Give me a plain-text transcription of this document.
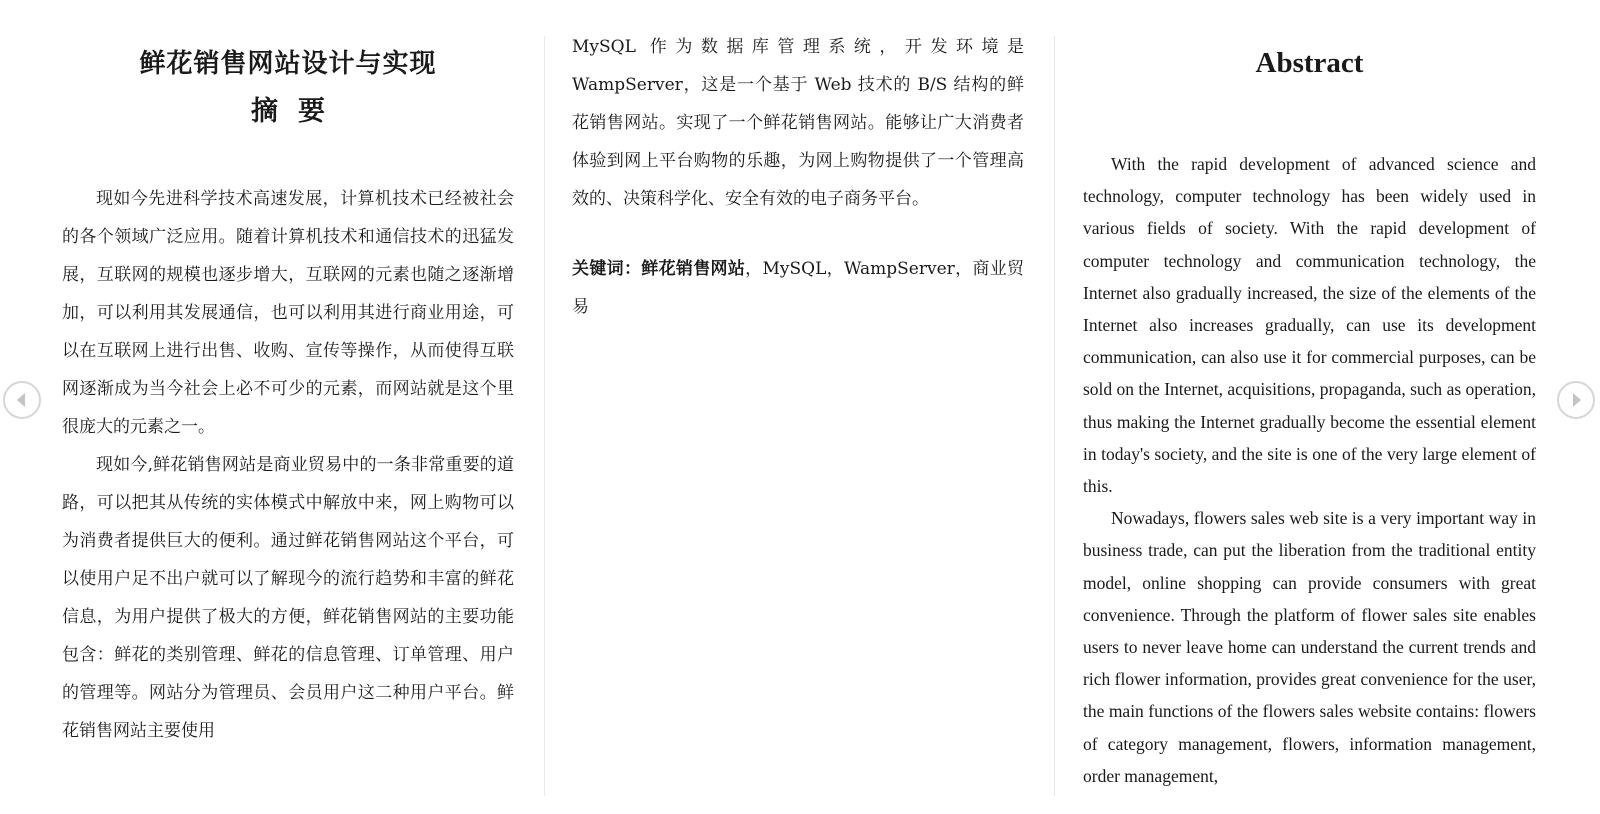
鲜花销售网站设计与实现
摘要

现如今先进科学技术高速发展，计算机技术已经被社会的各个领域广泛应用。随着计算机技术和通信技术的迅猛发展，互联网的规模也逐步增大，互联网的元素也随之逐渐增加，可以利用其发展通信，也可以利用其进行商业用途，可以在互联网上进行出售、收购、宣传等操作，从而使得互联网逐渐成为当今社会上必不可少的元素，而网站就是这个里很庞大的元素之一。

现如今,鲜花销售网站是商业贸易中的一条非常重要的道路，可以把其从传统的实体模式中解放中来，网上购物可以为消费者提供巨大的便利。通过鲜花销售网站这个平台，可以使用户足不出户就可以了解现今的流行趋势和丰富的鲜花信息，为用户提供了极大的方便，鲜花销售网站的主要功能包含：鲜花的类别管理、鲜花的信息管理、订单管理、用户的管理等。网站分为管理员、会员用户这二种用户平台。鲜花销售网站主要使用

MySQL 作为数据库管理系统，开发环境是 WampServer，这是一个基于 Web 技术的 B/S 结构的鲜花销售网站。实现了一个鲜花销售网站。能够让广大消费者体验到网上平台购物的乐趣，为网上购物提供了一个管理高效的、决策科学化、安全有效的电子商务平台。

关键词：鲜花销售网站，MySQL，WampServer，商业贸易

Abstract

With the rapid development of advanced science and technology, computer technology has been widely used in various fields of society. With the rapid development of computer technology and communication technology, the Internet also gradually increased, the size of the elements of the Internet also increases gradually, can use its development communication, can also use it for commercial purposes, can be sold on the Internet, acquisitions, propaganda, such as operation, thus making the Internet gradually become the essential element in today's society, and the site is one of the very large element of this.

Nowadays, flowers sales web site is a very important way in business trade, can put the liberation from the traditional entity model, online shopping can provide consumers with great convenience. Through the platform of flower sales site enables users to never leave home can understand the current trends and rich flower information, provides great convenience for the user, the main functions of the flowers sales website contains: flowers of category management, flowers, information management, order management,
